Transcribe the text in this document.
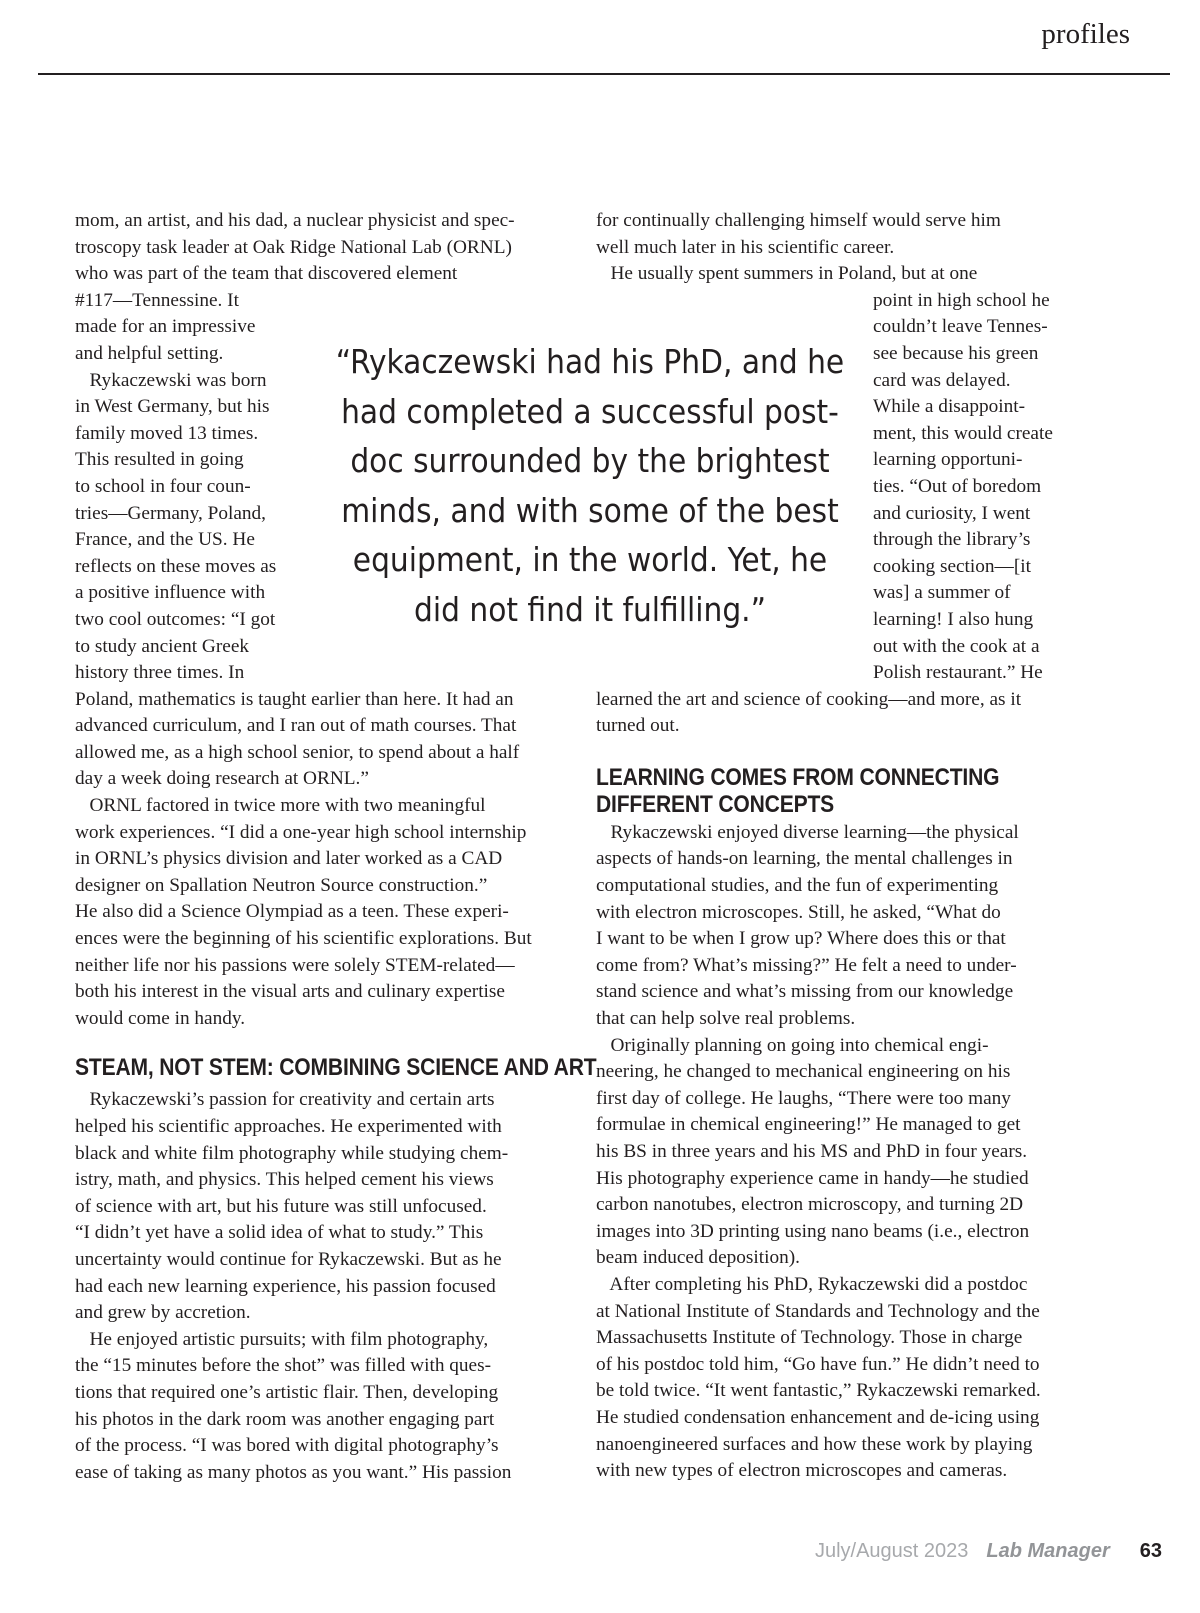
profiles

mom, an artist, and his dad, a nuclear physicist and spec-

troscopy task leader at Oak Ridge National Lab (ORNL)

who was part of the team that discovered element

#117—Tennessine. It

made for an impressive

and helpful setting.

Rykaczewski was born

in West Germany, but his

family moved 13 times.

This resulted in going

to school in four coun-

tries—Germany, Poland,

France, and the US. He

reflects on these moves as

a positive influence with

two cool outcomes: “I got

to study ancient Greek

history three times. In

Poland, mathematics is taught earlier than here. It had an

advanced curriculum, and I ran out of math courses. That

allowed me, as a high school senior, to spend about a half

day a week doing research at ORNL.”

ORNL factored in twice more with two meaningful

work experiences. “I did a one-year high school internship

in ORNL’s physics division and later worked as a CAD

designer on Spallation Neutron Source construction.”

He also did a Science Olympiad as a teen. These experi-

ences were the beginning of his scientific explorations. But

neither life nor his passions were solely STEM-related—

both his interest in the visual arts and culinary expertise

would come in handy.

STEAM, NOT STEM: COMBINING SCIENCE AND ART

Rykaczewski’s passion for creativity and certain arts

helped his scientific approaches. He experimented with

black and white film photography while studying chem-

istry, math, and physics. This helped cement his views

of science with art, but his future was still unfocused.

“I didn’t yet have a solid idea of what to study.” This

uncertainty would continue for Rykaczewski. But as he

had each new learning experience, his passion focused

and grew by accretion.

He enjoyed artistic pursuits; with film photography,

the “15 minutes before the shot” was filled with ques-

tions that required one’s artistic flair. Then, developing

his photos in the dark room was another engaging part

of the process. “I was bored with digital photography’s

ease of taking as many photos as you want.” His passion

for continually challenging himself would serve him

well much later in his scientific career.

He usually spent summers in Poland, but at one

point in high school he

couldn’t leave Tennes-

see because his green

card was delayed.

While a disappoint-

ment, this would create

learning opportuni-

ties. “Out of boredom

and curiosity, I went

through the library’s

cooking section—[it

was] a summer of

learning! I also hung

out with the cook at a

Polish restaurant.” He

learned the art and science of cooking—and more, as it

turned out.

LEARNING COMES FROM CONNECTING
DIFFERENT CONCEPTS

Rykaczewski enjoyed diverse learning—the physical

aspects of hands-on learning, the mental challenges in

computational studies, and the fun of experimenting

with electron microscopes. Still, he asked, “What do

I want to be when I grow up? Where does this or that

come from? What’s missing?” He felt a need to under-

stand science and what’s missing from our knowledge

that can help solve real problems.

Originally planning on going into chemical engi-

neering, he changed to mechanical engineering on his

first day of college. He laughs, “There were too many

formulae in chemical engineering!” He managed to get

his BS in three years and his MS and PhD in four years.

His photography experience came in handy—he studied

carbon nanotubes, electron microscopy, and turning 2D

images into 3D printing using nano beams (i.e., electron

beam induced deposition).

After completing his PhD, Rykaczewski did a postdoc

at National Institute of Standards and Technology and the

Massachusetts Institute of Technology. Those in charge

of his postdoc told him, “Go have fun.” He didn’t need to

be told twice. “It went fantastic,” Rykaczewski remarked.

He studied condensation enhancement and de-icing using

nanoengineered surfaces and how these work by playing

with new types of electron microscopes and cameras.

“Rykaczewski had his PhD, and he

had completed a successful post-

doc surrounded by the brightest

minds, and with some of the best

equipment, in the world. Yet, he

did not find it fulfilling.”

July/August 2023 Lab Manager 63
